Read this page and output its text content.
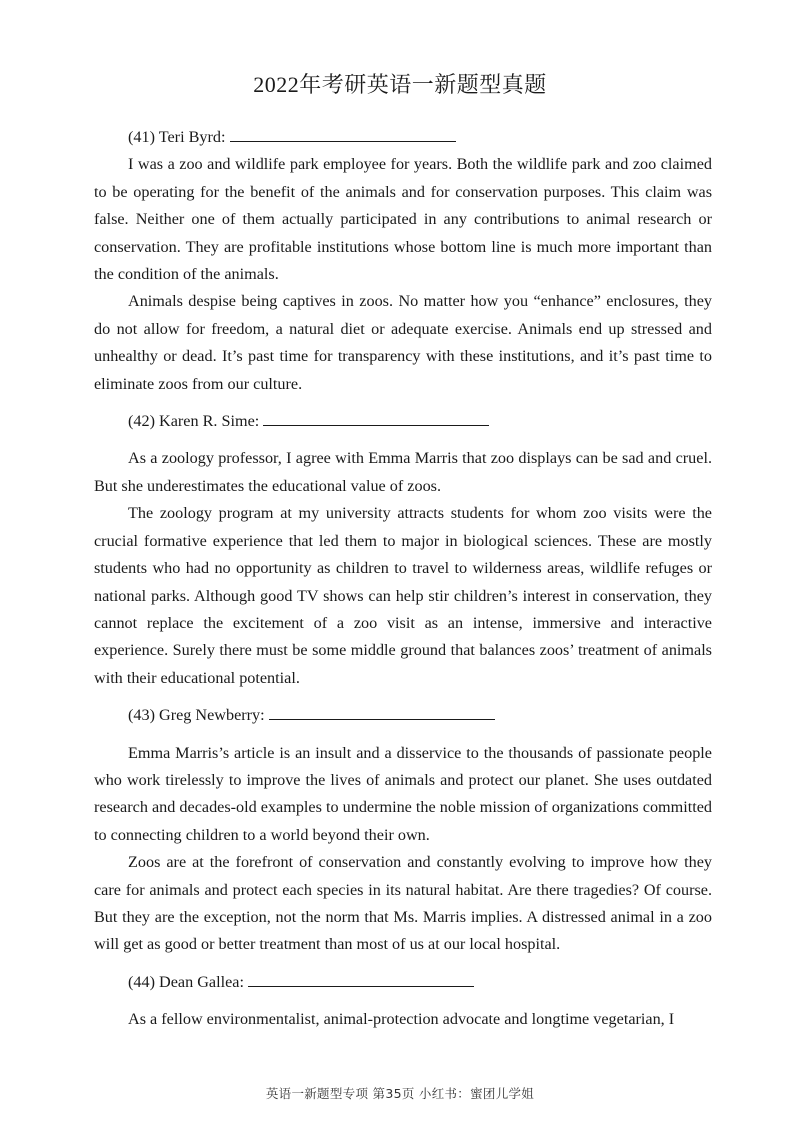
2022年考研英语一新题型真题

(41) Teri Byrd:

I was a zoo and wildlife park employee for years. Both the wildlife park and zoo claimed to be operating for the benefit of the animals and for conservation purposes. This claim was false. Neither one of them actually participated in any contributions to animal research or conservation. They are profitable institutions whose bottom line is much more important than the condition of the animals.

Animals despise being captives in zoos. No matter how you “enhance” enclosures, they do not allow for freedom, a natural diet or adequate exercise. Animals end up stressed and unhealthy or dead. It’s past time for transparency with these institutions, and it’s past time to eliminate zoos from our culture.

(42) Karen R. Sime:

As a zoology professor, I agree with Emma Marris that zoo displays can be sad and cruel. But she underestimates the educational value of zoos.

The zoology program at my university attracts students for whom zoo visits were the crucial formative experience that led them to major in biological sciences. These are mostly students who had no opportunity as children to travel to wilderness areas, wildlife refuges or national parks. Although good TV shows can help stir children’s interest in conservation, they cannot replace the excitement of a zoo visit as an intense, immersive and interactive experience. Surely there must be some middle ground that balances zoos’ treatment of animals with their educational potential.

(43) Greg Newberry:

Emma Marris’s article is an insult and a disservice to the thousands of passionate people who work tirelessly to improve the lives of animals and protect our planet. She uses outdated research and decades-old examples to undermine the noble mission of organizations committed to connecting children to a world beyond their own.

Zoos are at the forefront of conservation and constantly evolving to improve how they care for animals and protect each species in its natural habitat. Are there tragedies? Of course. But they are the exception, not the norm that Ms. Marris implies. A distressed animal in a zoo will get as good or better treatment than most of us at our local hospital.

(44) Dean Gallea:

As a fellow environmentalist, animal-protection advocate and longtime vegetarian, I

英语一新题型专项 第35页 小红书：蜜团儿学姐
